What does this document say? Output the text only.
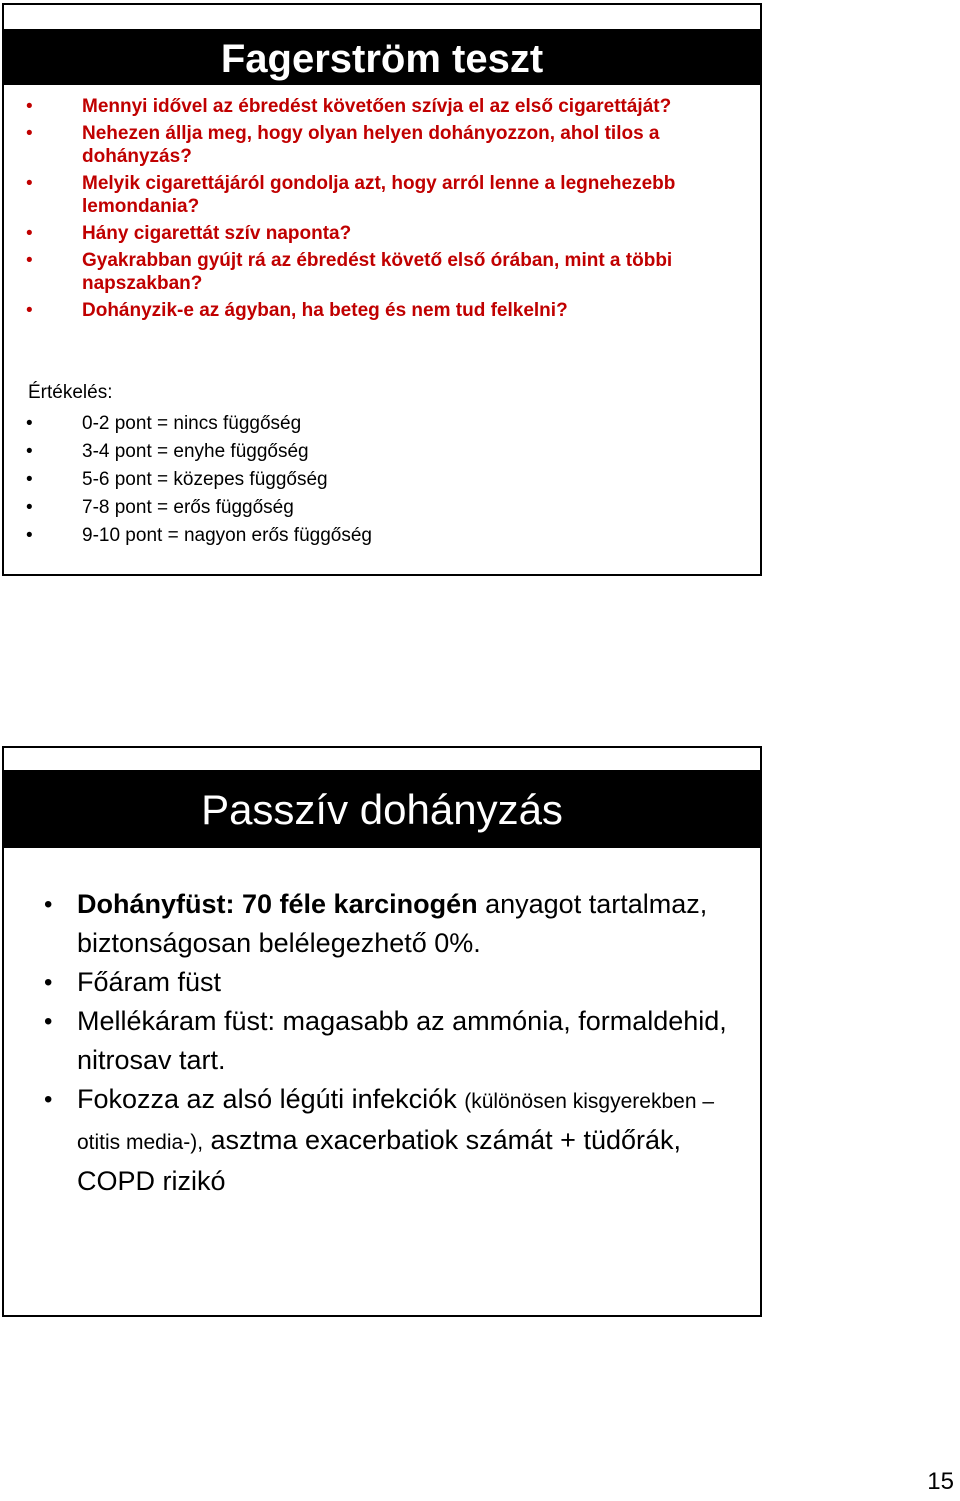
Fagerström teszt
•	Mennyi idővel az ébredést követően szívja el az első cigarettáját?
•	Nehezen állja meg, hogy olyan helyen dohányozzon, ahol tilos a dohányzás?
•	Melyik cigarettájáról gondolja azt, hogy arról lenne a legnehezebb lemondania?
•	Hány cigarettát szív naponta?
•	Gyakrabban gyújt rá az ébredést követő első órában, mint a többi napszakban?
•	Dohányzik-e az ágyban, ha beteg és nem tud felkelni?
Értékelés:
•	0-2 pont = nincs függőség
•	3-4 pont = enyhe függőség
•	5-6 pont = közepes függőség
•	7-8 pont = erős függőség
•	9-10 pont = nagyon erős függőség
Passzív dohányzás
• Dohányfüst: 70 féle karcinogén anyagot tartalmaz, biztonságosan belélegezhető 0%.
• Főáram füst
• Mellékáram füst: magasabb az ammónia, formaldehid, nitrosav tart.
• Fokozza az alsó légúti infekciók (különösen kisgyerekben –otitis media-), asztma exacerbatiok számát + tüdőrák, COPD rizikó
15
